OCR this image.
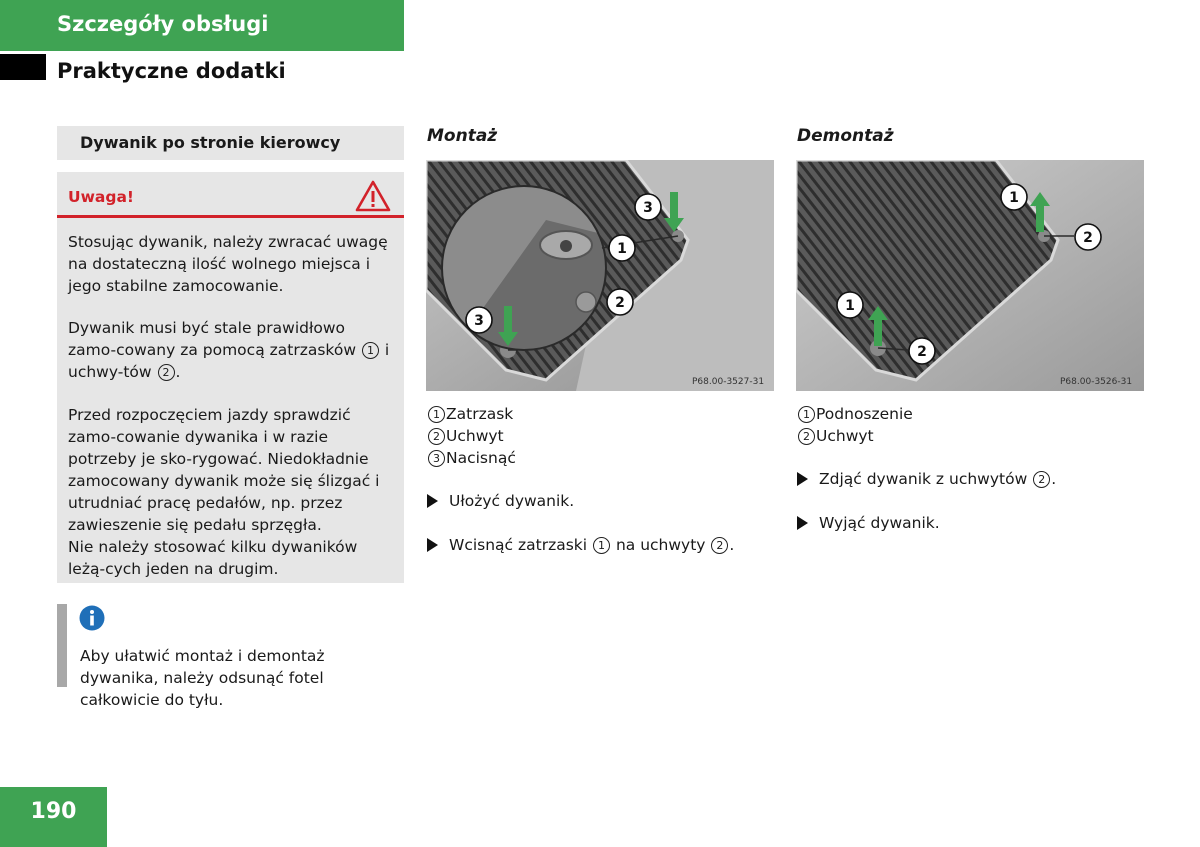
Szczegóły obsługi
Praktyczne dodatki
Dywanik po stronie kierowcy
Uwaga!

Stosując dywanik, należy zwracać uwagę na dostateczną ilość wolnego miejsca i jego stabilne zamocowanie.

Dywanik musi być stale prawidłowo zamo-cowany za pomocą zatrzasków 1 i uchwy-tów 2 .

Przed rozpoczęciem jazdy sprawdzić zamo-cowanie dywanika i w razie potrzeby je sko-rygować. Niedokładnie zamocowany dywanik może się ślizgać i utrudniać pracę pedałów, np. przez zawieszenie się pedału sprzęgła.

Nie należy stosować kilku dywaników leżą-cych jeden na drugim.

Aby ułatwić montaż i demontaż dywanika, należy odsunąć fotel całkowicie do tyłu.
Montaż
3
1
2
3
P68.00-3527-31
1 Zatrzask
2 Uchwyt
3 Nacisnąć
Ułożyć dywanik.
Wcisnąć zatrzaski 1 na uchwyty 2 .
Demontaż
1
2
1
2
P68.00-3526-31
1 Podnoszenie
2 Uchwyt
Zdjąć dywanik z uchwytów 2 .
Wyjąć dywanik.
190
